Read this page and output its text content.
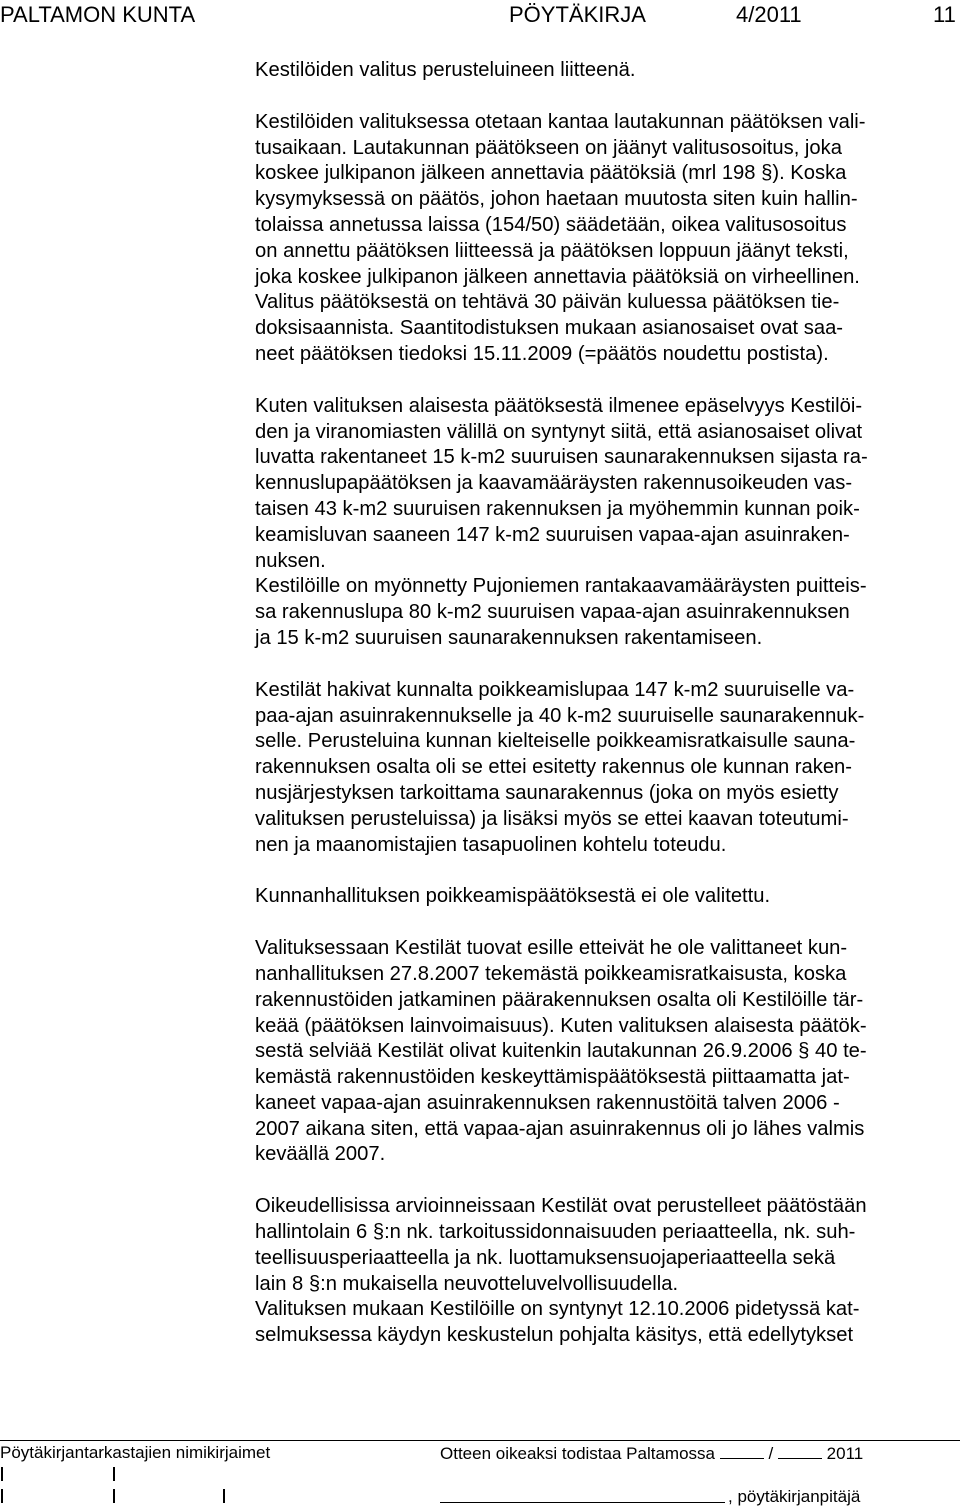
PALTAMON KUNTA	PÖYTÄKIRJA	4/2011	11

Kestilöiden valitus perusteluineen liitteenä.

Kestilöiden valituksessa otetaan kantaa lautakunnan päätöksen vali-

tusaikaan. Lautakunnan päätökseen on jäänyt valitusosoitus, joka

koskee julkipanon jälkeen annettavia päätöksiä (mrl 198 §). Koska

kysymyksessä on päätös, johon haetaan muutosta siten kuin hallin-

tolaissa annetussa laissa (154/50) säädetään, oikea valitusosoitus

on annettu päätöksen liitteessä ja päätöksen loppuun jäänyt teksti,

joka koskee julkipanon jälkeen annettavia päätöksiä on virheellinen.

Valitus päätöksestä on tehtävä 30 päivän kuluessa päätöksen tie-

doksisaannista. Saantitodistuksen mukaan asianosaiset ovat saa-

neet päätöksen tiedoksi 15.11.2009 (=päätös noudettu postista).

Kuten valituksen alaisesta päätöksestä ilmenee epäselvyys Kestilöi-

den ja viranomiasten välillä on syntynyt siitä, että asianosaiset olivat

luvatta rakentaneet 15 k-m2 suuruisen saunarakennuksen sijasta ra-

kennuslupapäätöksen ja kaavamääräysten rakennusoikeuden vas-

taisen 43 k-m2 suuruisen rakennuksen ja myöhemmin kunnan poik-

keamisluvan saaneen 147 k-m2 suuruisen vapaa-ajan asuinraken-

nuksen.

Kestilöille on myönnetty Pujoniemen rantakaavamääräysten puitteis-

sa rakennuslupa 80 k-m2 suuruisen vapaa-ajan asuinrakennuksen

ja 15 k-m2 suuruisen saunarakennuksen rakentamiseen.

Kestilät hakivat kunnalta poikkeamislupaa 147 k-m2 suuruiselle va-

paa-ajan asuinrakennukselle ja 40 k-m2 suuruiselle saunarakennuk-

selle. Perusteluina kunnan kielteiselle poikkeamisratkaisulle sauna-

rakennuksen osalta oli se ettei esitetty rakennus ole kunnan raken-

nusjärjestyksen tarkoittama saunarakennus (joka on myös esietty

valituksen perusteluissa) ja lisäksi myös se ettei kaavan toteutumi-

nen ja maanomistajien tasapuolinen kohtelu toteudu.

Kunnanhallituksen poikkeamispäätöksestä ei ole valitettu.

Valituksessaan Kestilät tuovat esille etteivät he ole valittaneet kun-

nanhallituksen 27.8.2007 tekemästä poikkeamisratkaisusta, koska

rakennustöiden jatkaminen päärakennuksen osalta oli Kestilöille tär-

keää (päätöksen lainvoimaisuus). Kuten valituksen alaisesta päätök-

sestä selviää Kestilät olivat kuitenkin lautakunnan 26.9.2006 § 40 te-

kemästä rakennustöiden keskeyttämispäätöksestä piittaamatta jat-

kaneet vapaa-ajan asuinrakennuksen rakennustöitä talven 2006 -

2007 aikana siten, että vapaa-ajan asuinrakennus oli jo lähes valmis

keväällä 2007.

Oikeudellisissa arvioinneissaan Kestilät ovat perustelleet päätöstään

hallintolain 6 §:n nk. tarkoitussidonnaisuuden periaatteella, nk. suh-

teellisuusperiaatteella ja nk. luottamuksensuojaperiaatteella sekä

lain 8 §:n mukaisella neuvotteluvelvollisuudella.

Valituksen mukaan Kestilöille on syntynyt 12.10.2006 pidetyssä kat-

selmuksessa käydyn keskustelun pohjalta käsitys, että edellytykset

Pöytäkirjantarkastajien nimikirjaimet	Otteen oikeaksi todistaa Paltamossa	/	2011
, pöytäkirjanpitäjä
